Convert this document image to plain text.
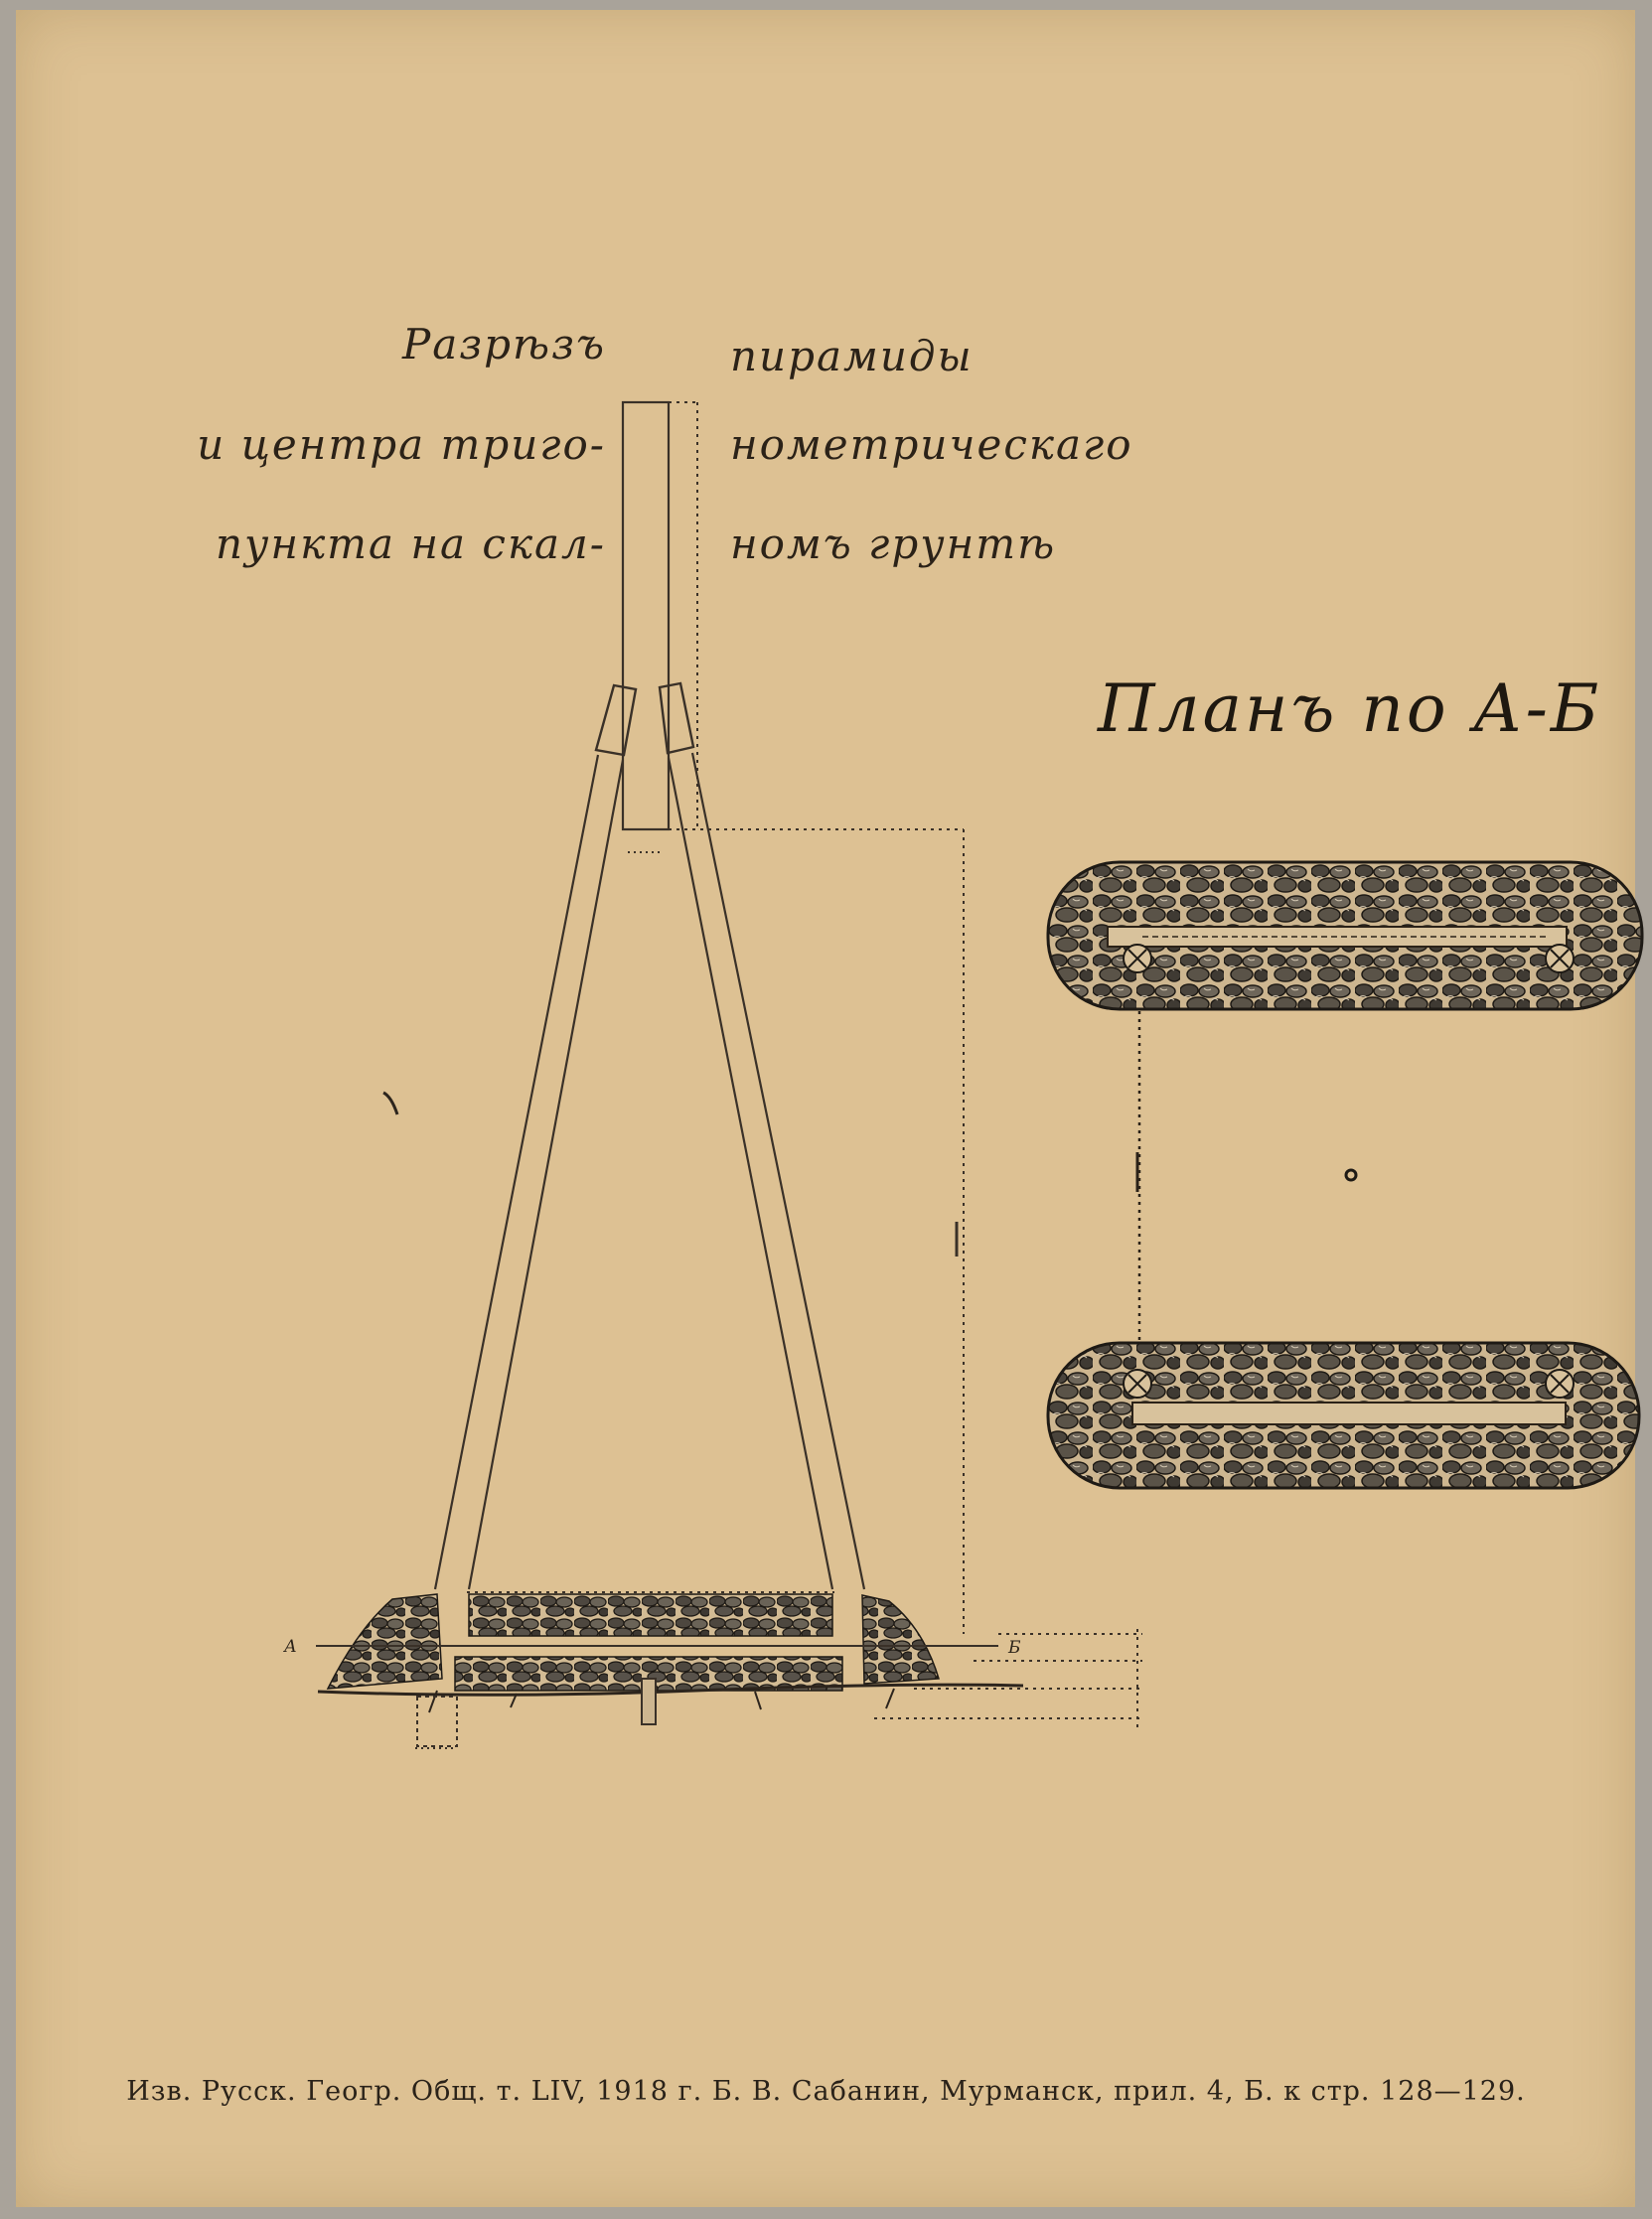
Разрѣзъ
и центра триго-
пункта на скал-
пирамиды
нометрическаго
номъ грунтѣ
Планъ по А-Б
А	Б
Изв. Русск. Геогр. Общ. т. LIV, 1918 г. Б. В. Сабанин, Мурманск, прил. 4, Б. к стр. 128—129.
